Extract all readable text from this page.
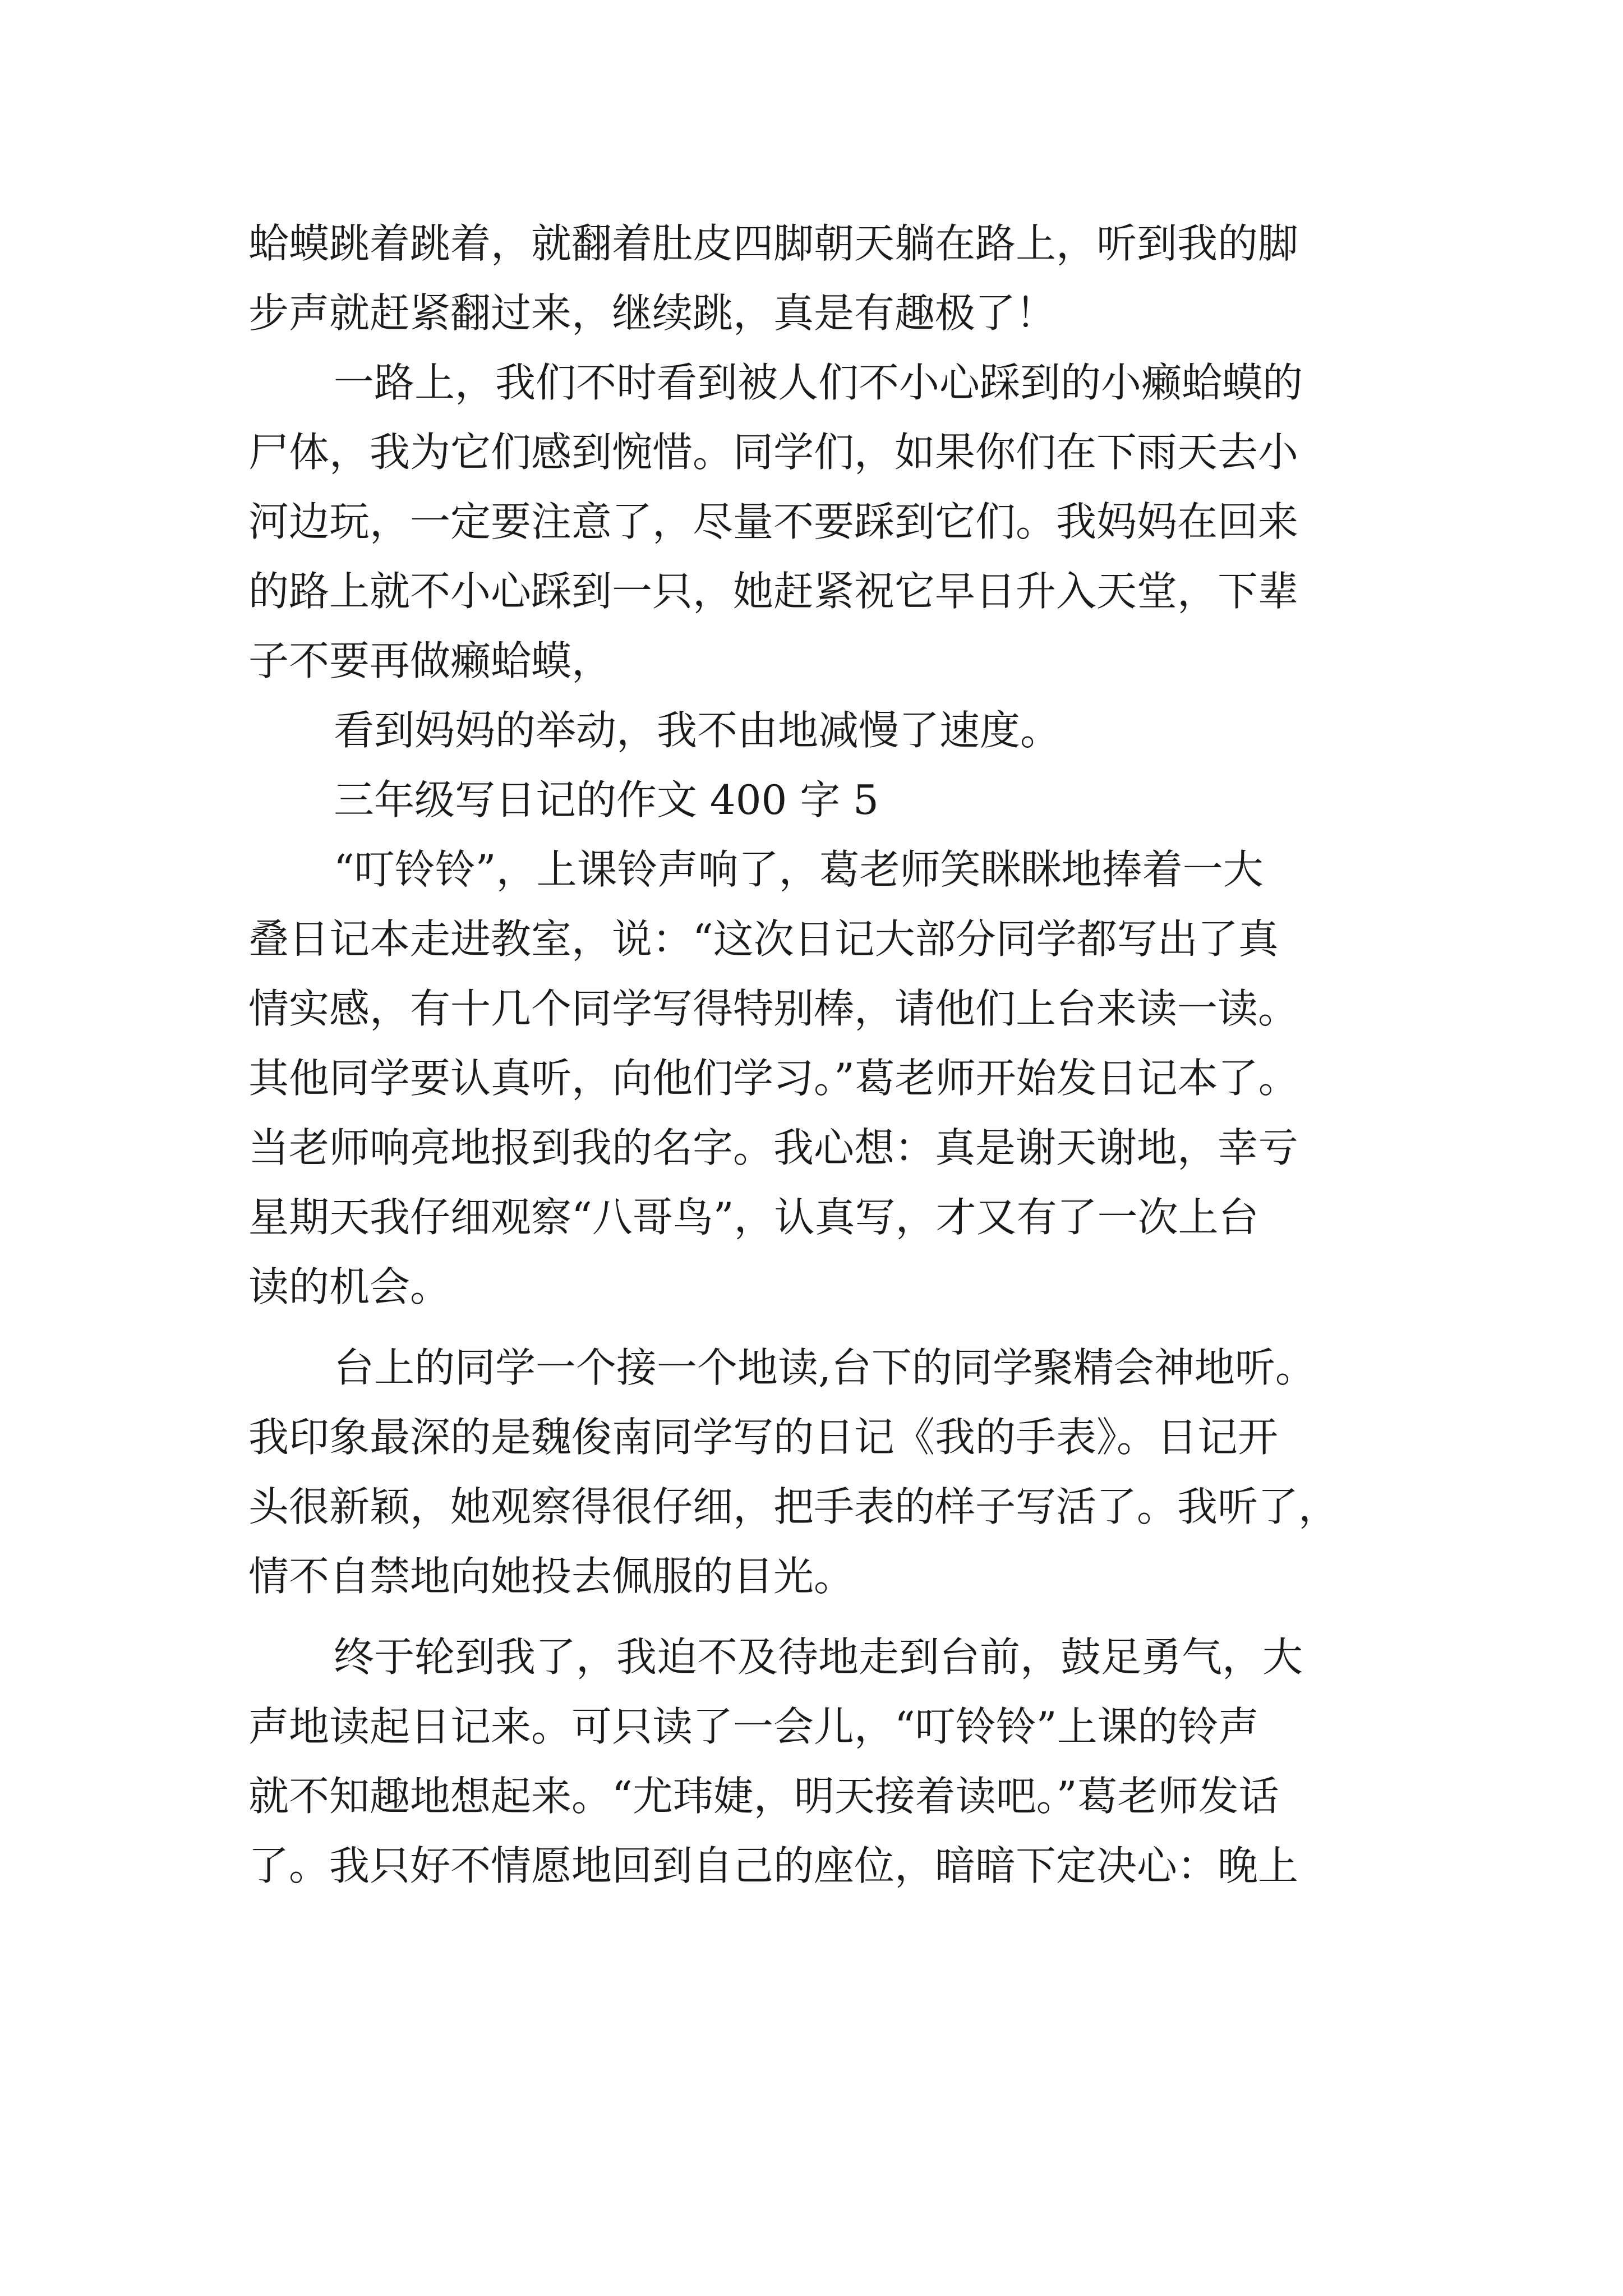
蛤蟆跳着跳着，就翻着肚皮四脚朝天躺在路上，听到我的脚

步声就赶紧翻过来，继续跳，真是有趣极了！

一路上，我们不时看到被人们不小心踩到的小癞蛤蟆的

尸体，我为它们感到惋惜。同学们，如果你们在下雨天去小

河边玩，一定要注意了，尽量不要踩到它们。我妈妈在回来

的路上就不小心踩到一只，她赶紧祝它早日升入天堂，下辈

子不要再做癞蛤蟆，

看到妈妈的举动，我不由地减慢了速度。

三年级写日记的作文 400 字 5

“叮铃铃”，上课铃声响了，葛老师笑眯眯地捧着一大

叠日记本走进教室，说：“这次日记大部分同学都写出了真

情实感，有十几个同学写得特别棒，请他们上台来读一读。

其他同学要认真听，向他们学习。”葛老师开始发日记本了。

当老师响亮地报到我的名字。我心想：真是谢天谢地，幸亏

星期天我仔细观察“八哥鸟”，认真写，才又有了一次上台

读的机会。

台上的同学一个接一个地读,台下的同学聚精会神地听。

我印象最深的是魏俊南同学写的日记《我的手表》。日记开

头很新颖，她观察得很仔细，把手表的样子写活了。我听了，

情不自禁地向她投去佩服的目光。

终于轮到我了，我迫不及待地走到台前，鼓足勇气，大

声地读起日记来。可只读了一会儿，“叮铃铃”上课的铃声

就不知趣地想起来。“尤玮婕，明天接着读吧。”葛老师发话

了。我只好不情愿地回到自己的座位，暗暗下定决心：晚上
